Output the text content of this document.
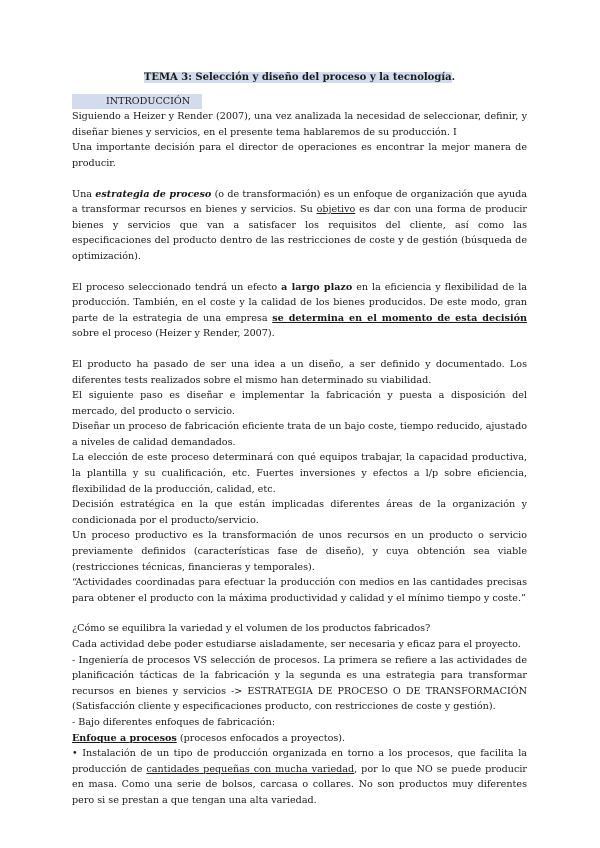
TEMA 3: Selección y diseño del proceso y la tecnología.

INTRODUCCIÓN

Siguiendo a Heizer y Render (2007), una vez analizada la necesidad de seleccionar, definir, y diseñar bienes y servicios, en el presente tema hablaremos de su producción. I

Una importante decisión para el director de operaciones es encontrar la mejor manera de producir.

Una estrategia de proceso (o de transformación) es un enfoque de organización que ayuda a transformar recursos en bienes y servicios. Su objetivo es dar con una forma de producir bienes y servicios que van a satisfacer los requisitos del cliente, así como las especificaciones del producto dentro de las restricciones de coste y de gestión (búsqueda de optimización).

El proceso seleccionado tendrá un efecto a largo plazo en la eficiencia y flexibilidad de la producción. También, en el coste y la calidad de los bienes producidos. De este modo, gran parte de la estrategia de una empresa se determina en el momento de esta decisión sobre el proceso (Heizer y Render, 2007).

El producto ha pasado de ser una idea a un diseño, a ser definido y documentado. Los diferentes tests realizados sobre el mismo han determinado su viabilidad.

El siguiente paso es diseñar e implementar la fabricación y puesta a disposición del mercado, del producto o servicio.

Diseñar un proceso de fabricación eficiente trata de un bajo coste, tiempo reducido, ajustado a niveles de calidad demandados.

La elección de este proceso determinará con qué equipos trabajar, la capacidad productiva, la plantilla y su cualificación, etc. Fuertes inversiones y efectos a l/p sobre eficiencia, flexibilidad de la producción, calidad, etc.

Decisión estratégica en la que están implicadas diferentes áreas de la organización y condicionada por el producto/servicio.

Un proceso productivo es la transformación de unos recursos en un producto o servicio previamente definidos (características fase de diseño), y cuya obtención sea viable (restricciones técnicas, financieras y temporales).

“Actividades coordinadas para efectuar la producción con medios en las cantidades precisas para obtener el producto con la máxima productividad y calidad y el mínimo tiempo y coste.”

¿Cómo se equilibra la variedad y el volumen de los productos fabricados?

Cada actividad debe poder estudiarse aisladamente, ser necesaria y eficaz para el proyecto.

- Ingeniería de procesos VS selección de procesos. La primera se refiere a las actividades de planificación tácticas de la fabricación y la segunda es una estrategia para transformar recursos en bienes y servicios -> ESTRATEGIA DE PROCESO O DE TRANSFORMACIÓN (Satisfacción cliente y especificaciones producto, con restricciones de coste y gestión).

- Bajo diferentes enfoques de fabricación:

Enfoque a procesos (procesos enfocados a proyectos).

• Instalación de un tipo de producción organizada en torno a los procesos, que facilita la producción de cantidades pequeñas con mucha variedad, por lo que NO se puede producir en masa. Como una serie de bolsos, carcasa o collares. No son productos muy diferentes pero si se prestan a que tengan una alta variedad.
